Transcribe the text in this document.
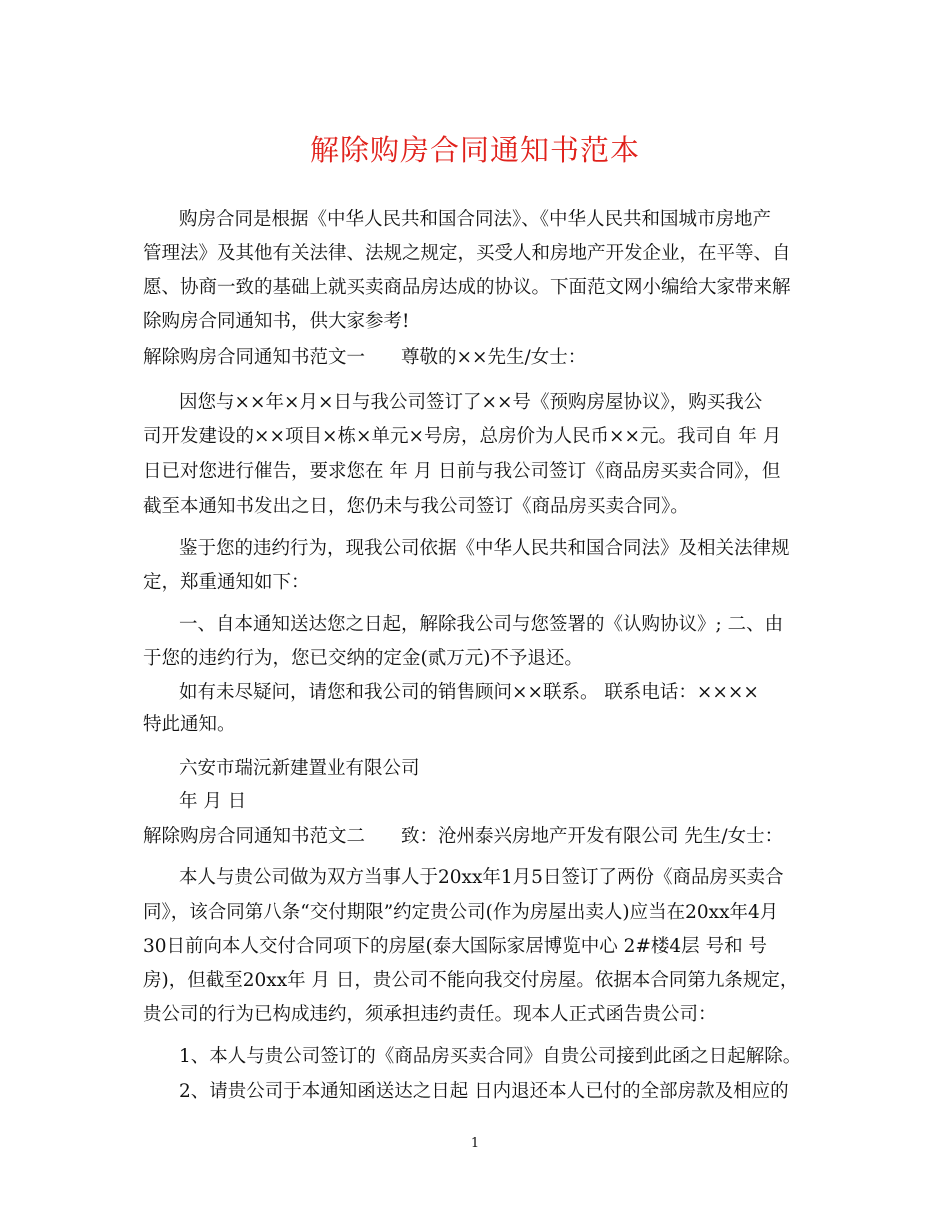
解除购房合同通知书范本
购房合同是根据《中华人民共和国合同法》、《中华人民共和国城市房地产
管理法》及其他有关法律、法规之规定，买受人和房地产开发企业，在平等、自
愿、协商一致的基础上就买卖商品房达成的协议。下面范文网小编给大家带来解
除购房合同通知书，供大家参考!
解除购房合同通知书范文一 尊敬的××先生/女士：
因您与××年×月×日与我公司签订了××号《预购房屋协议》，购买我公
司开发建设的××项目×栋×单元×号房，总房价为人民币××元。我司自 年 月
日已对您进行催告，要求您在 年 月 日前与我公司签订《商品房买卖合同》，但
截至本通知书发出之日，您仍未与我公司签订《商品房买卖合同》。
鉴于您的违约行为，现我公司依据《中华人民共和国合同法》及相关法律规
定，郑重通知如下：
一、自本通知送达您之日起，解除我公司与您签署的《认购协议》; 二、由
于您的违约行为，您已交纳的定金(贰万元)不予退还。
如有未尽疑问，请您和我公司的销售顾问××联系。 联系电话：××××
特此通知。
六安市瑞沅新建置业有限公司
年 月 日
解除购房合同通知书范文二 致：沧州泰兴房地产开发有限公司 先生/女士：
本人与贵公司做为双方当事人于20xx年1月5日签订了两份《商品房买卖合
同》，该合同第八条“交付期限”约定贵公司(作为房屋出卖人)应当在20xx年4月
30日前向本人交付合同项下的房屋(泰大国际家居博览中心 2#楼4层 号和 号
房)，但截至20xx年 月 日，贵公司不能向我交付房屋。依据本合同第九条规定，
贵公司的行为已构成违约，须承担违约责任。现本人正式函告贵公司：
1、本人与贵公司签订的《商品房买卖合同》自贵公司接到此函之日起解除。
2、请贵公司于本通知函送达之日起 日内退还本人已付的全部房款及相应的
1
